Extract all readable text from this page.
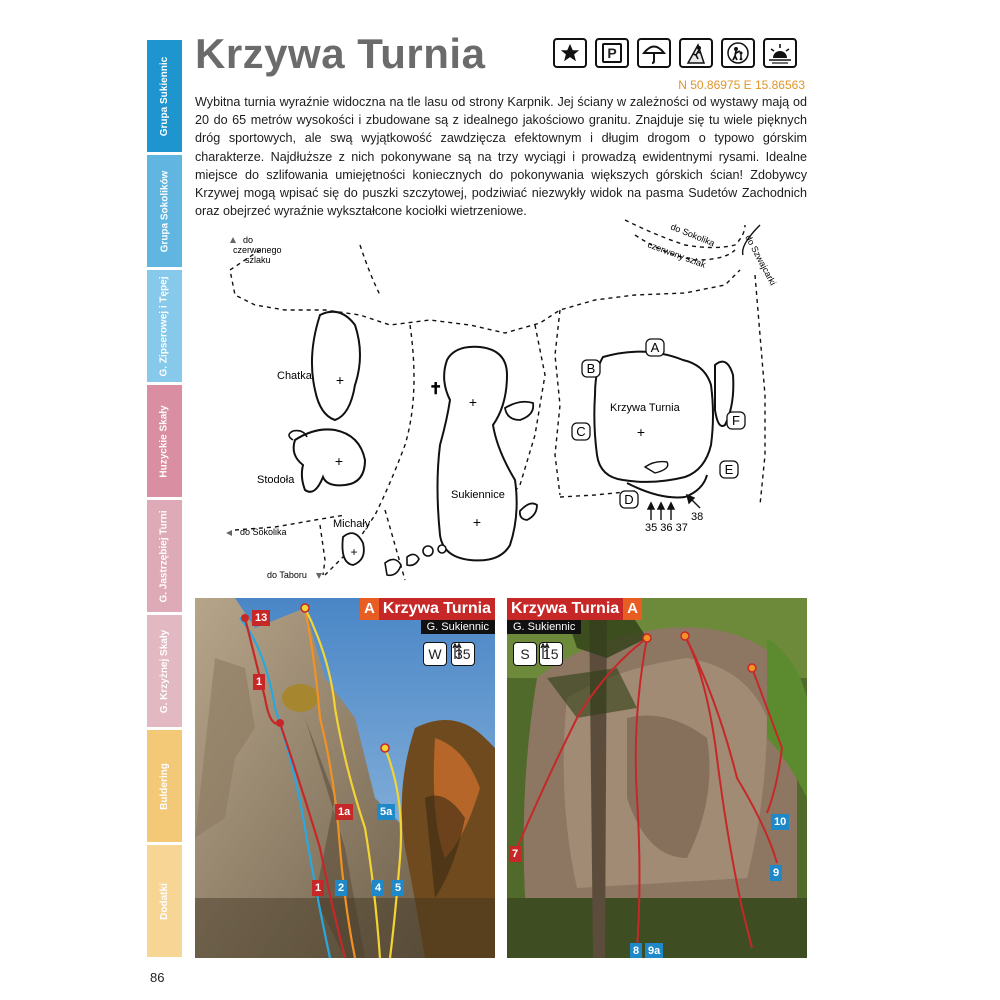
Grupa Sukiennic
Grupa Sokolików
G. Zipserowej i Tępej
Huzyckie Skały
G. Jastrzębiej Turni
G. Krzyżnej Skały
Buldering
Dodatki
Krzywa Turnia	P
N 50.86975 E 15.86563
Wybitna turnia wyraźnie widoczna na tle lasu od strony Karpnik. Jej ściany w zależności od wystawy mają od 20 do 65 metrów wysokości i zbudowane są z idealnego jakościowo granitu. Znajduje się tu wiele pięknych dróg sportowych, ale swą wyjątkowość zawdzięcza efektownym i długim drogom o typowo górskim charakterze. Najdłuższe z nich pokonywane są na trzy wyciągi i prowadzą ewidentnymi rysami. Idealne miejsce do szlifowania umiejętności koniecznych do pokonywania większych górskich ścian! Zdobywcy Krzywej mogą wpisać się do puszki szczytowej, podziwiać niezwykły widok na pasma Sudetów Zachodnich oraz obejrzeć wyraźnie wykształcone kociołki wietrzeniowe.
+
Chatka
+
Stodoła
+
+
Sukiennice
✝
+
Michały
+
Krzywa Turnia
A
B
C
D
E
F
35 36 37
38
do czerwonego szlaku
do Sokolika
do Taboru
do Sokolika
czerwony szlak	do Szwajcarki
A Krzywa Turnia
G. Sukiennic
W 35
13
1
1a	5a
1 2	4 5
Krzywa Turnia A
G. Sukiennic
S 15
7
10
9
8 9a
86
